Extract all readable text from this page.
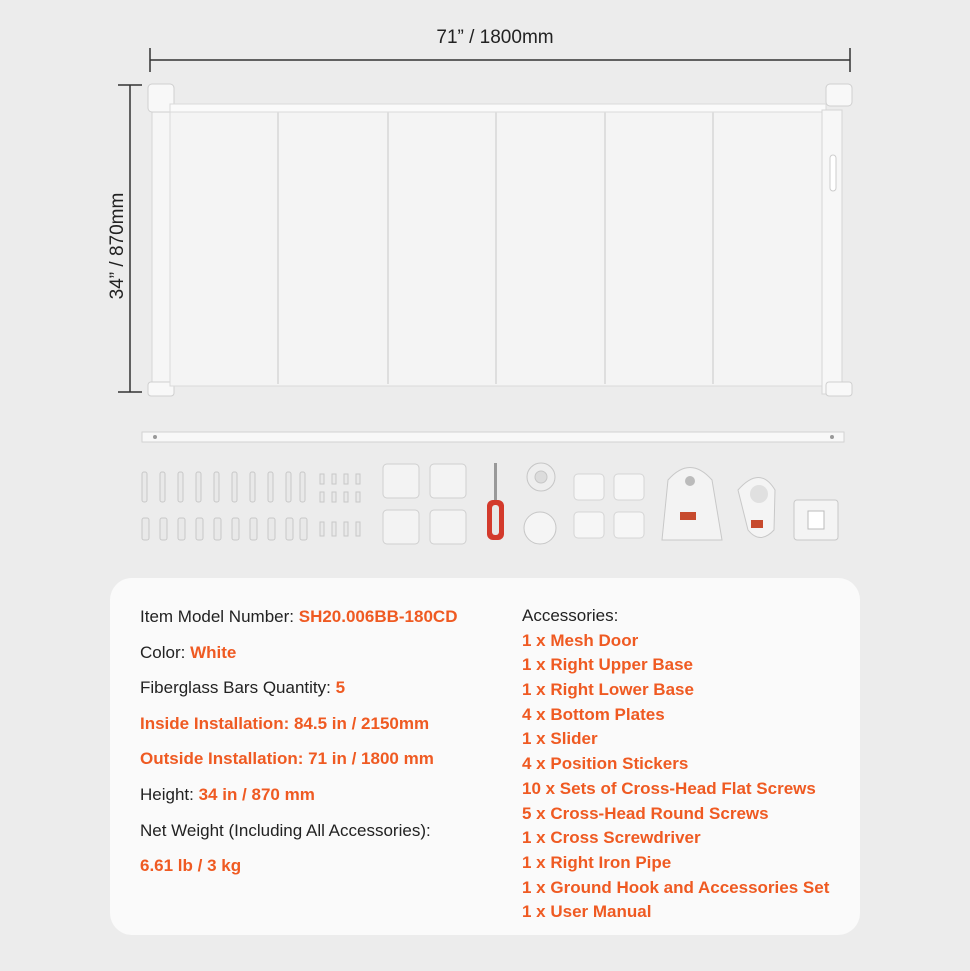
71” / 1800mm
34” / 870mm
Item Model Number: SH20.006BB-180CD
Color: White
Fiberglass Bars Quantity: 5
Inside Installation: 84.5 in / 2150mm
Outside Installation: 71 in / 1800 mm
Height: 34 in / 870 mm
Net Weight (Including All Accessories):
6.61 lb / 3 kg
Accessories:
1 x Mesh Door
1 x Right Upper Base
1 x Right Lower Base
4 x Bottom Plates
1 x Slider
4 x Position Stickers
10 x Sets of Cross-Head Flat Screws
5 x Cross-Head Round Screws
1 x Cross Screwdriver
1 x Right Iron Pipe
1 x Ground Hook and Accessories Set
1 x User Manual
